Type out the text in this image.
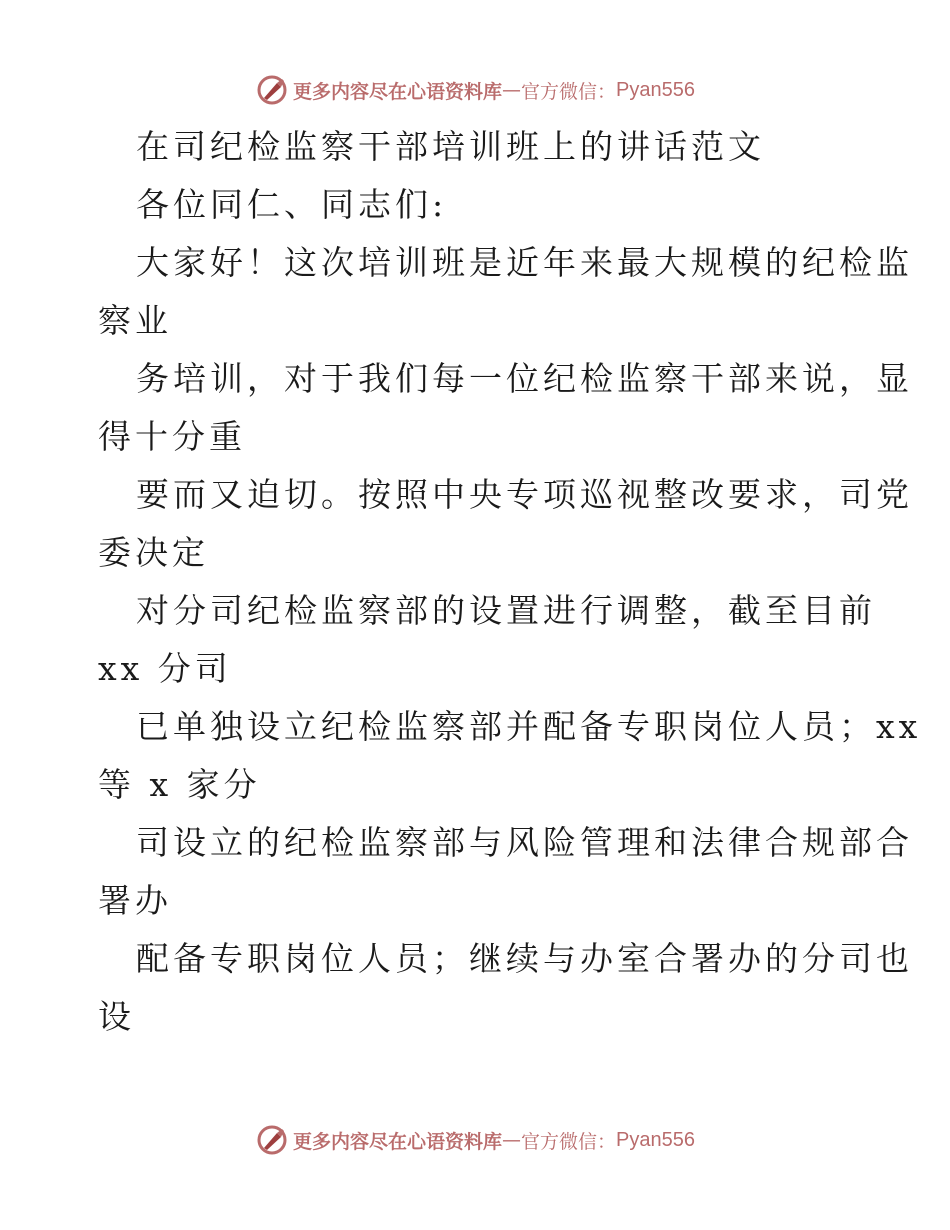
更多内容尽在心语资料库 — 官方微信： Pyan556
在司纪检监察干部培训班上的讲话范文
各位同仁、同志们:
大家好！这次培训班是近年来最大规模的纪检监
察业
务培训，对于我们每一位纪检监察干部来说，显
得十分重
要而又迫切。按照中央专项巡视整改要求，司党
委决定
对分司纪检监察部的设置进行调整，截至目前
xx 分司
已单独设立纪检监察部并配备专职岗位人员；xx
等 x 家分
司设立的纪检监察部与风险管理和法律合规部合
署办
配备专职岗位人员；继续与办室合署办的分司也
设
更多内容尽在心语资料库 — 官方微信： Pyan556
